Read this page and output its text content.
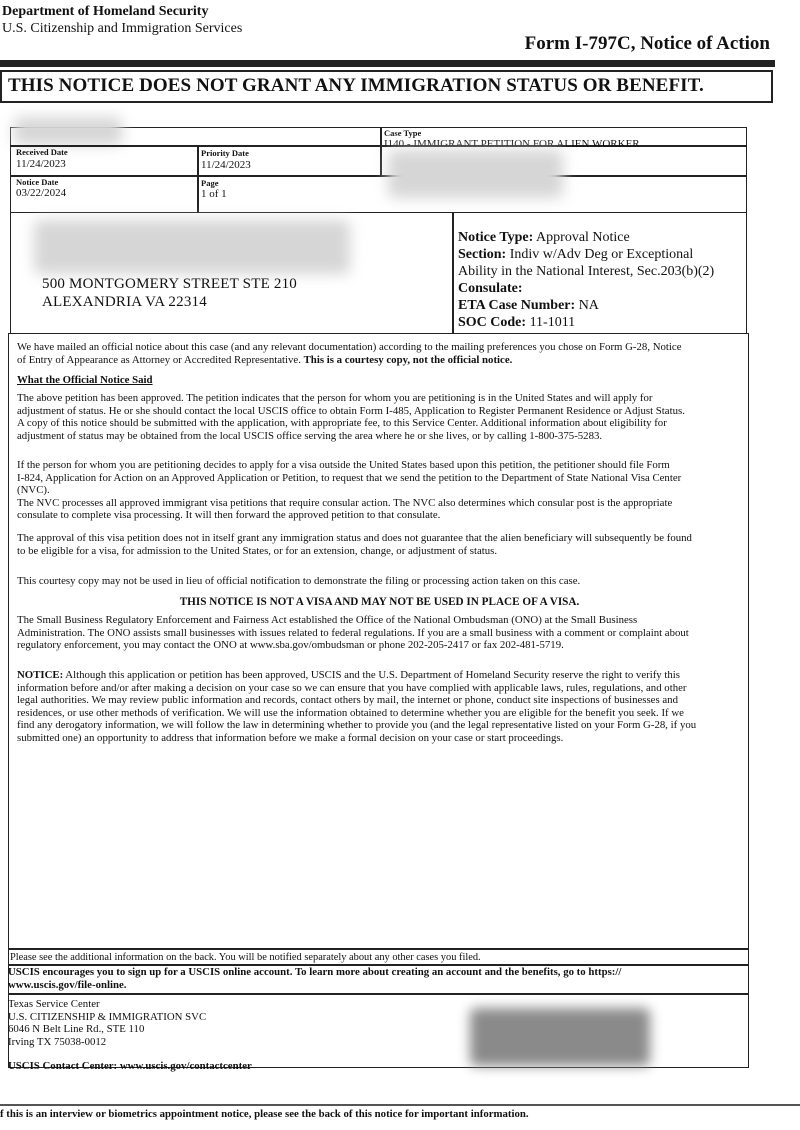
Department of Homeland Security
U.S. Citizenship and Immigration Services
Form I-797C, Notice of Action
THIS NOTICE DOES NOT GRANT ANY IMMIGRATION STATUS OR BENEFIT.
Case Type
I140 - IMMIGRANT PETITION FOR ALIEN WORKER
Received Date
11/24/2023
Priority Date
11/24/2023
Notice Date
03/22/2024
Page
1 of 1
500 MONTGOMERY STREET STE 210
ALEXANDRIA VA 22314
Notice Type: Approval Notice
Section: Indiv w/Adv Deg or Exceptional
Ability in the National Interest, Sec.203(b)(2)
Consulate:
ETA Case Number: NA
SOC Code: 11-1011
We have mailed an official notice about this case (and any relevant documentation) according to the mailing preferences you chose on Form G-28, Notice
of Entry of Appearance as Attorney or Accredited Representative. This is a courtesy copy, not the official notice.
What the Official Notice Said
The above petition has been approved. The petition indicates that the person for whom you are petitioning is in the United States and will apply for
adjustment of status. He or she should contact the local USCIS office to obtain Form I-485, Application to Register Permanent Residence or Adjust Status.
A copy of this notice should be submitted with the application, with appropriate fee, to this Service Center. Additional information about eligibility for
adjustment of status may be obtained from the local USCIS office serving the area where he or she lives, or by calling 1-800-375-5283.
If the person for whom you are petitioning decides to apply for a visa outside the United States based upon this petition, the petitioner should file Form
I-824, Application for Action on an Approved Application or Petition, to request that we send the petition to the Department of State National Visa Center
(NVC).
The NVC processes all approved immigrant visa petitions that require consular action. The NVC also determines which consular post is the appropriate
consulate to complete visa processing. It will then forward the approved petition to that consulate.
The approval of this visa petition does not in itself grant any immigration status and does not guarantee that the alien beneficiary will subsequently be found
to be eligible for a visa, for admission to the United States, or for an extension, change, or adjustment of status.
This courtesy copy may not be used in lieu of official notification to demonstrate the filing or processing action taken on this case.
THIS NOTICE IS NOT A VISA AND MAY NOT BE USED IN PLACE OF A VISA.
The Small Business Regulatory Enforcement and Fairness Act established the Office of the National Ombudsman (ONO) at the Small Business
Administration. The ONO assists small businesses with issues related to federal regulations. If you are a small business with a comment or complaint about
regulatory enforcement, you may contact the ONO at www.sba.gov/ombudsman or phone 202-205-2417 or fax 202-481-5719.
NOTICE: Although this application or petition has been approved, USCIS and the U.S. Department of Homeland Security reserve the right to verify this
information before and/or after making a decision on your case so we can ensure that you have complied with applicable laws, rules, regulations, and other
legal authorities. We may review public information and records, contact others by mail, the internet or phone, conduct site inspections of businesses and
residences, or use other methods of verification. We will use the information obtained to determine whether you are eligible for the benefit you seek. If we
find any derogatory information, we will follow the law in determining whether to provide you (and the legal representative listed on your Form G-28, if you
submitted one) an opportunity to address that information before we make a formal decision on your case or start proceedings.
Please see the additional information on the back. You will be notified separately about any other cases you filed.
USCIS encourages you to sign up for a USCIS online account. To learn more about creating an account and the benefits, go to https://
www.uscis.gov/file-online.
Texas Service Center
U.S. CITIZENSHIP & IMMIGRATION SVC
6046 N Belt Line Rd., STE 110
Irving TX 75038-0012
USCIS Contact Center: www.uscis.gov/contactcenter
f this is an interview or biometrics appointment notice, please see the back of this notice for important information.
